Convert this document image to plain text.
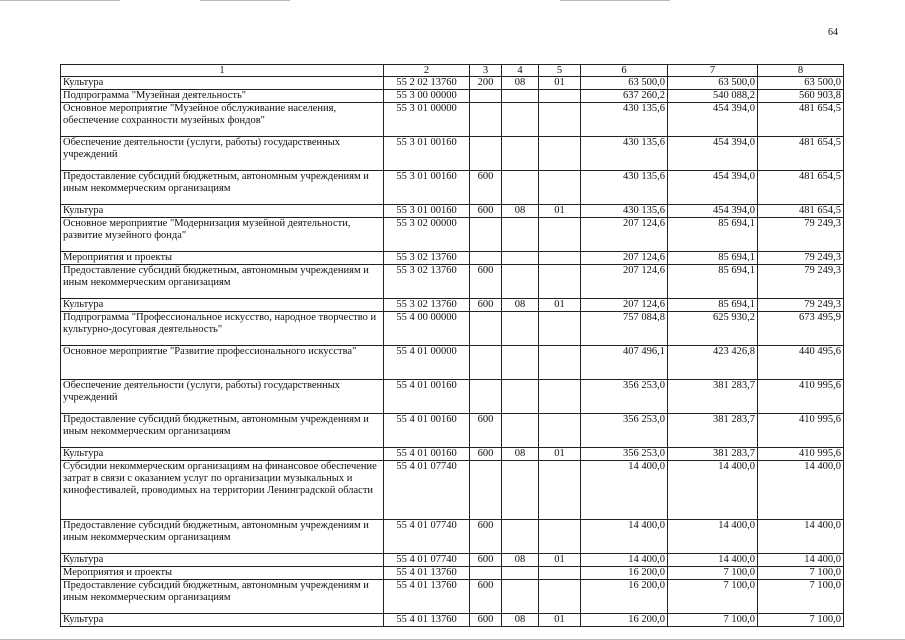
64
1	2	3	4	5	6	7	8
Культура	55 2 02 13760	200	08	01	63 500,0	63 500,0	63 500,0
Подпрограмма "Музейная деятельность"	55 3 00 00000				637 260,2	540 088,2	560 903,8
Основное мероприятие "Музейное обслуживание населения, обеспечение сохранности музейных фондов"	55 3 01 00000				430 135,6	454 394,0	481 654,5
Обеспечение деятельности (услуги, работы) государственных учреждений	55 3 01 00160				430 135,6	454 394,0	481 654,5
Предоставление субсидий бюджетным, автономным учреждениям и иным некоммерческим организациям	55 3 01 00160	600			430 135,6	454 394,0	481 654,5
Культура	55 3 01 00160	600	08	01	430 135,6	454 394,0	481 654,5
Основное мероприятие "Модернизация музейной деятельности, развитие музейного фонда"	55 3 02 00000				207 124,6	85 694,1	79 249,3
Мероприятия и проекты	55 3 02 13760				207 124,6	85 694,1	79 249,3
Предоставление субсидий бюджетным, автономным учреждениям и иным некоммерческим организациям	55 3 02 13760	600			207 124,6	85 694,1	79 249,3
Культура	55 3 02 13760	600	08	01	207 124,6	85 694,1	79 249,3
Подпрограмма "Профессиональное искусство, народное творчество и культурно-досуговая деятельность"	55 4 00 00000				757 084,8	625 930,2	673 495,9
Основное мероприятие "Развитие профессионального искусства"	55 4 01 00000				407 496,1	423 426,8	440 495,6
Обеспечение деятельности (услуги, работы) государственных учреждений	55 4 01 00160				356 253,0	381 283,7	410 995,6
Предоставление субсидий бюджетным, автономным учреждениям и иным некоммерческим организациям	55 4 01 00160	600			356 253,0	381 283,7	410 995,6
Культура	55 4 01 00160	600	08	01	356 253,0	381 283,7	410 995,6
Субсидии некоммерческим организациям на финансовое обеспечение затрат в связи с оказанием услуг по организации музыкальных и кинофестивалей, проводимых на территории Ленинградской области	55 4 01 07740				14 400,0	14 400,0	14 400,0
Предоставление субсидий бюджетным, автономным учреждениям и иным некоммерческим организациям	55 4 01 07740	600			14 400,0	14 400,0	14 400,0
Культура	55 4 01 07740	600	08	01	14 400,0	14 400,0	14 400,0
Мероприятия и проекты	55 4 01 13760				16 200,0	7 100,0	7 100,0
Предоставление субсидий бюджетным, автономным учреждениям и иным некоммерческим организациям	55 4 01 13760	600			16 200,0	7 100,0	7 100,0
Культура	55 4 01 13760	600	08	01	16 200,0	7 100,0	7 100,0
